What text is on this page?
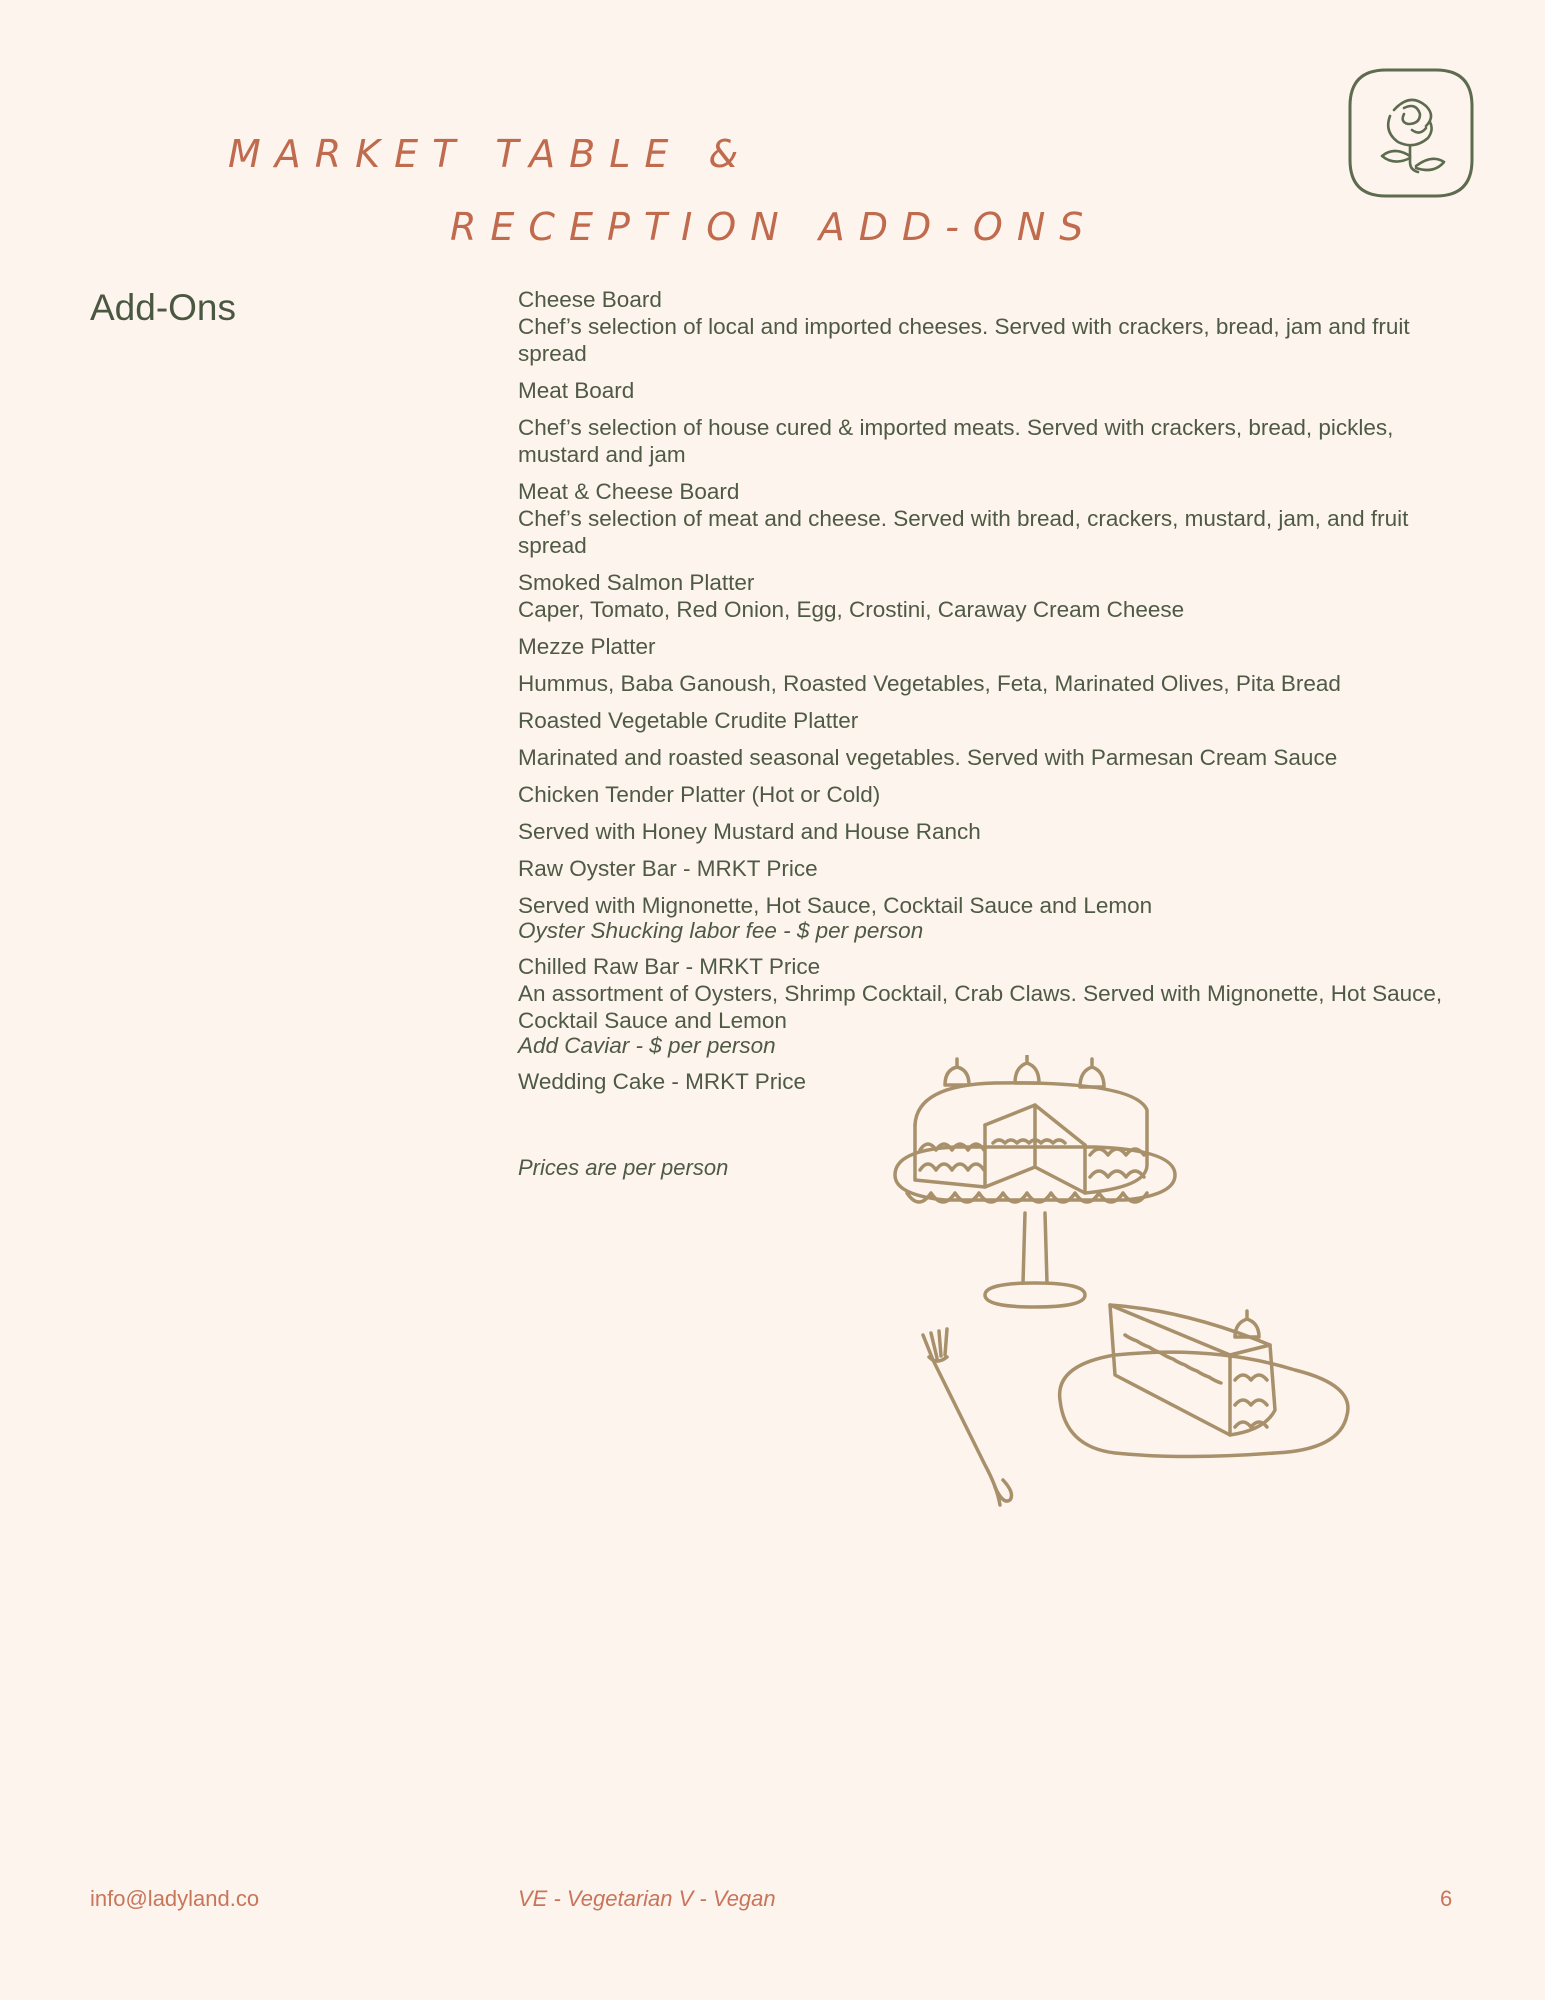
MARKET TABLE &
RECEPTION ADD-ONS
Add-Ons	Cheese Board
Chef’s selection of local and imported cheeses. Served with crackers, bread, jam and fruit spread
Meat Board
Chef’s selection of house cured & imported meats. Served with crackers, bread, pickles, mustard and jam
Meat & Cheese Board
Chef’s selection of meat and cheese. Served with bread, crackers, mustard, jam, and fruit spread
Smoked Salmon Platter
Caper, Tomato, Red Onion, Egg, Crostini, Caraway Cream Cheese
Mezze Platter
Hummus, Baba Ganoush, Roasted Vegetables, Feta, Marinated Olives, Pita Bread
Roasted Vegetable Crudite Platter
Marinated and roasted seasonal vegetables. Served with Parmesan Cream Sauce
Chicken Tender Platter (Hot or Cold)
Served with Honey Mustard and House Ranch
Raw Oyster Bar - MRKT Price
Served with Mignonette, Hot Sauce, Cocktail Sauce and Lemon
Oyster Shucking labor fee - $ per person
Chilled Raw Bar - MRKT Price
An assortment of Oysters, Shrimp Cocktail, Crab Claws. Served with Mignonette, Hot Sauce, Cocktail Sauce and Lemon
Add Caviar - $ per person
Wedding Cake - MRKT Price
Prices are per person
info@ladyland.co	VE - Vegetarian V - Vegan	6
